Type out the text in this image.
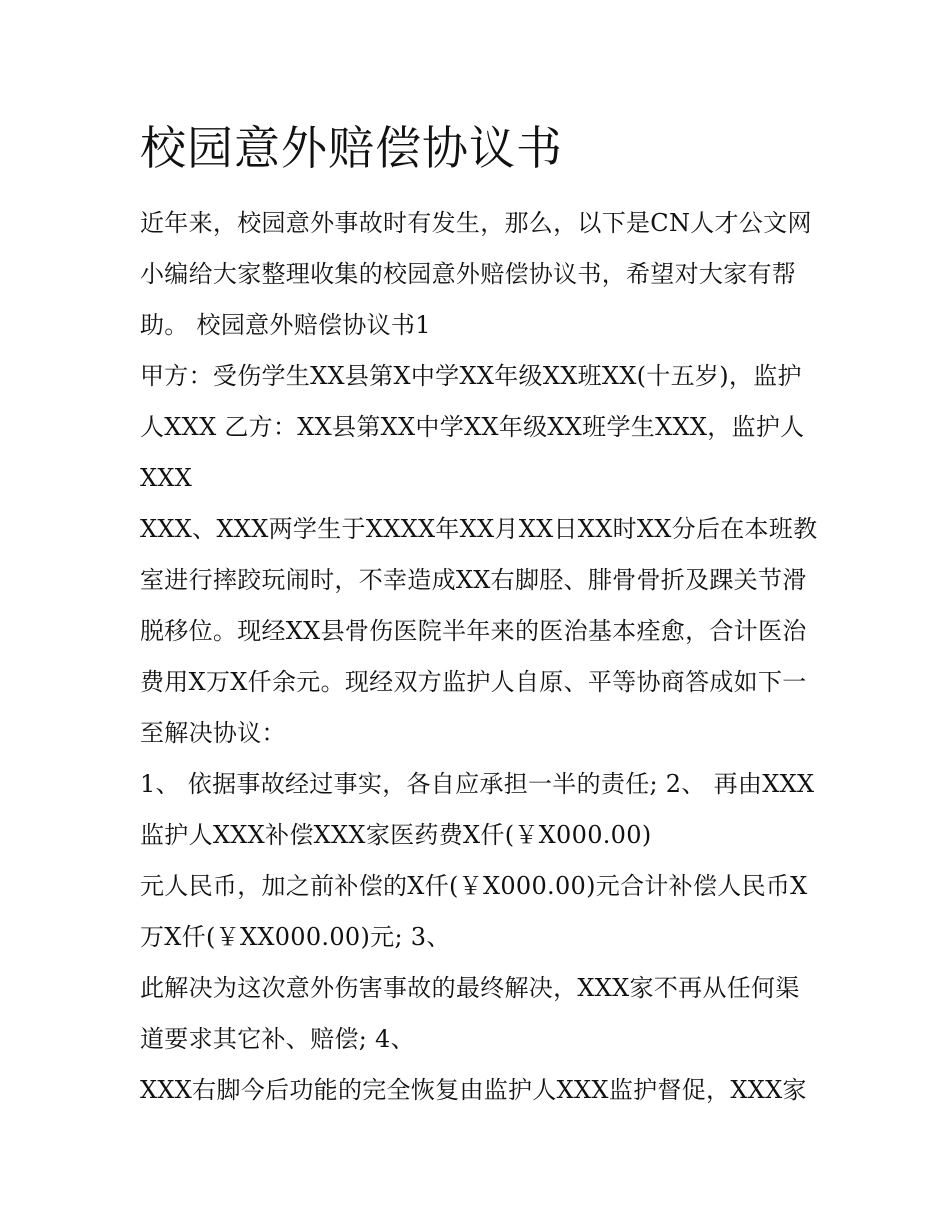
校园意外赔偿协议书

近年来，校园意外事故时有发生，那么，以下是CN人才公文网小编给大家整理收集的校园意外赔偿协议书，希望对大家有帮助。 校园意外赔偿协议书1

甲方：受伤学生XX县第X中学XX年级XX班XX(十五岁)，监护人XXX 乙方：XX县第XX中学XX年级XX班学生XXX，监护人XXX

XXX、XXX两学生于XXXX年XX月XX日XX时XX分后在本班教室进行摔跤玩闹时，不幸造成XX右脚胫、腓骨骨折及踝关节滑脱移位。现经XX县骨伤医院半年来的医治基本痊愈，合计医治费用X万X仟余元。现经双方监护人自原、平等协商答成如下一至解决协议：

1、 依据事故经过事实，各自应承担一半的责任; 2、 再由XXX监护人XXX补偿XXX家医药费X仟(￥X000.00)

元人民币，加之前补偿的X仟(￥X000.00)元合计补偿人民币X万X仟(￥XX000.00)元; 3、

此解决为这次意外伤害事故的最终解决，XXX家不再从任何渠道要求其它补、赔偿; 4、

XXX右脚今后功能的完全恢复由监护人XXX监护督促，XXX家
